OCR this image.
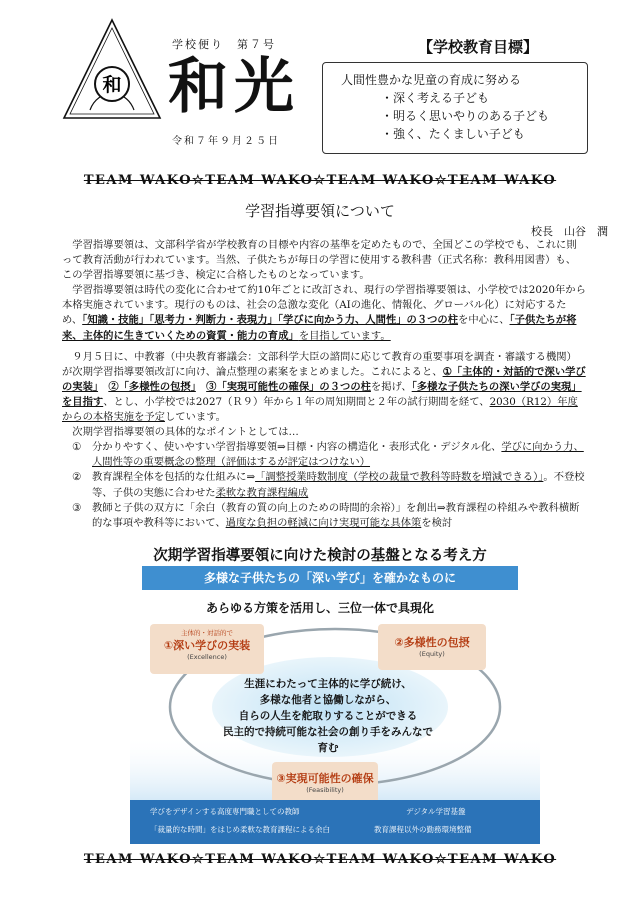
和
学校便り　第７号
和光
令和７年９月２５日
【学校教育目標】
人間性豊かな児童の育成に努める
・深く考える子ども
・明るく思いやりのある子ども
・強く、たくましい子ども
TEAM WAKO☆TEAM WAKO☆TEAM WAKO☆TEAM WAKO
学習指導要領について
校長　山谷　潤

学習指導要領は、文部科学省が学校教育の目標や内容の基準を定めたもので、全国どこの学校でも、これに則って教育活動が行われています。当然、子供たちが毎日の学習に使用する教科書（正式名称：教科用図書）も、この学習指導要領に基づき、検定に合格したものとなっています。

学習指導要領は時代の変化に合わせて約10年ごとに改訂され、現行の学習指導要領は、小学校では2020年から本格実施されています。現行のものは、社会の急激な変化（AIの進化、情報化、グローバル化）に対応するため、「知識・技能」「思考力・判断力・表現力」「学びに向かう力、人間性」の３つの柱を中心に、「子供たちが将来、主体的に生きていくための資質・能力の育成」を目指しています。

９月５日に、中教審（中央教育審議会：文部科学大臣の諮問に応じて教育の重要事項を調査・審議する機関）が次期学習指導要領改訂に向け、論点整理の素案をまとめました。これによると、①「主体的・対話的で深い学びの実装」　 ②「多様性の包摂」　 ③「実現可能性の確保」の３つの柱を掲げ、「多様な子供たちの深い学びの実現」を目指す、とし、小学校では2027（Ｒ９）年から１年の周知期間と２年の試行期間を経て、2030（R12）年度からの本格実施を予定しています。

次期学習指導要領の具体的なポイントとしては…

① 分かりやすく、使いやすい学習指導要領⇒目標・内容の構造化・表形式化・デジタル化、学びに向かう力、人間性等の重要概念の整理（評価はするが評定はつけない）
② 教育課程全体を包括的な仕組みに⇒「調整授業時数制度（学校の裁量で教科等時数を増減できる）」。不登校等、子供の実態に合わせた柔軟な教育課程編成
③ 教師と子供の双方に「余白（教育の質の向上のための時間的余裕）」を創出⇒教育課程の枠組みや教科横断的な事項や教科等において、過度な負担の軽減に向け実現可能な具体策を検討
次期学習指導要領に向けた検討の基盤となる考え方
多様な子供たちの「深い学び」を確かなものに
あらゆる方策を活用し、三位一体で具現化
主体的・対話的で
①深い学びの実装
(Excellence)
②多様性の包摂
(Equity)
③実現可能性の確保
(Feasibility)
生涯にわたって主体的に学び続け、
多様な他者と協働しながら、
自らの人生を舵取りすることができる
民主的で持続可能な社会の創り手をみんなで育む
学びをデザインする高度専門職としての教師
「裁量的な時間」をはじめ柔軟な教育課程による余白
デジタル学習基盤
教育課程以外の勤務環境整備
TEAM WAKO☆TEAM WAKO☆TEAM WAKO☆TEAM WAKO
